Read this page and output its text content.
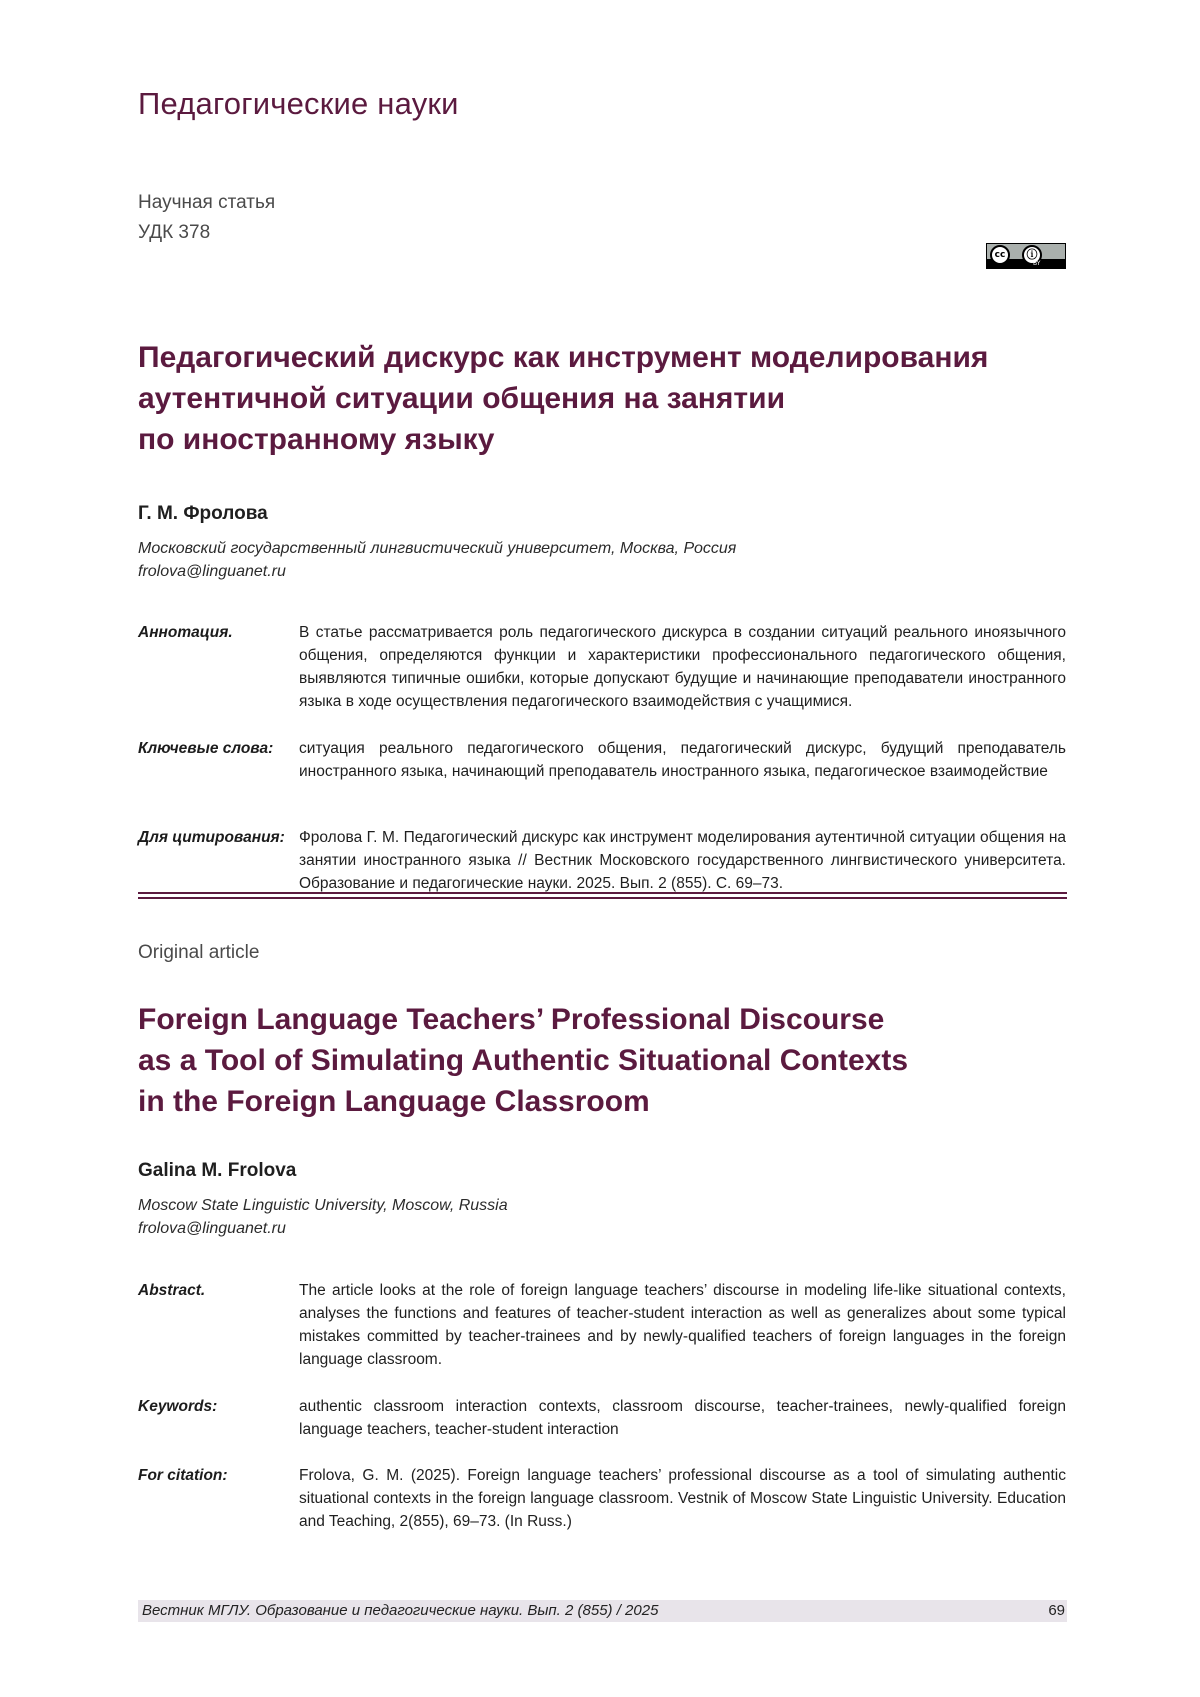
Педагогические науки
Научная статья
УДК 378
cc	ⓘ
BY
Педагогический дискурс как инструмент моделирования
аутентичной ситуации общения на занятии
по иностранному языку
Г. М. Фролова
Московский государственный лингвистический университет, Москва, Россия
frolova@linguanet.ru
Аннотация.	В статье рассматривается роль педагогического дискурса в создании ситуаций реального иноязычного общения, определяются функции и характеристики профессионального педагогического общения, выявляются типичные ошибки, которые допускают будущие и начинающие преподаватели иностранного языка в ходе осуществления педагогического взаимодействия с учащимися.
Ключевые слова:	ситуация реального педагогического общения, педагогический дискурс, будущий преподаватель иностранного языка, начинающий преподаватель иностранного языка, педагогическое взаимодействие
Для цитирования: Фролова Г. М. Педагогический дискурс как инструмент моделирования аутентичной ситуации общения на занятии иностранного языка // Вестник Московского государственного лингвистического университета. Образование и педагогические науки. 2025. Вып. 2 (855). С. 69–73.
Original article
Foreign Language Teachers’ Professional Discourse
as a Tool of Simulating Authentic Situational Contexts
in the Foreign Language Classroom
Galina M. Frolova
Moscow State Linguistic University, Moscow, Russia
frolova@linguanet.ru
Abstract.	The article looks at the role of foreign language teachers’ discourse in modeling life-like situational contexts, analyses the functions and features of teacher-student interaction as well as generalizes about some typical mistakes committed by teacher-trainees and by newly-qualified teachers of foreign languages in the foreign language classroom.
Keywords:	authentic classroom interaction contexts, classroom discourse, teacher-trainees, newly-qualified foreign language teachers, teacher-student interaction
For citation:	Frolova, G. M. (2025). Foreign language teachers’ professional discourse as a tool of simulating authentic situational contexts in the foreign language classroom. Vestnik of Moscow State Linguistic University. Education and Teaching, 2(855), 69–73. (In Russ.)
Вестник МГЛУ. Образование и педагогические науки. Вып. 2 (855) / 2025	69
